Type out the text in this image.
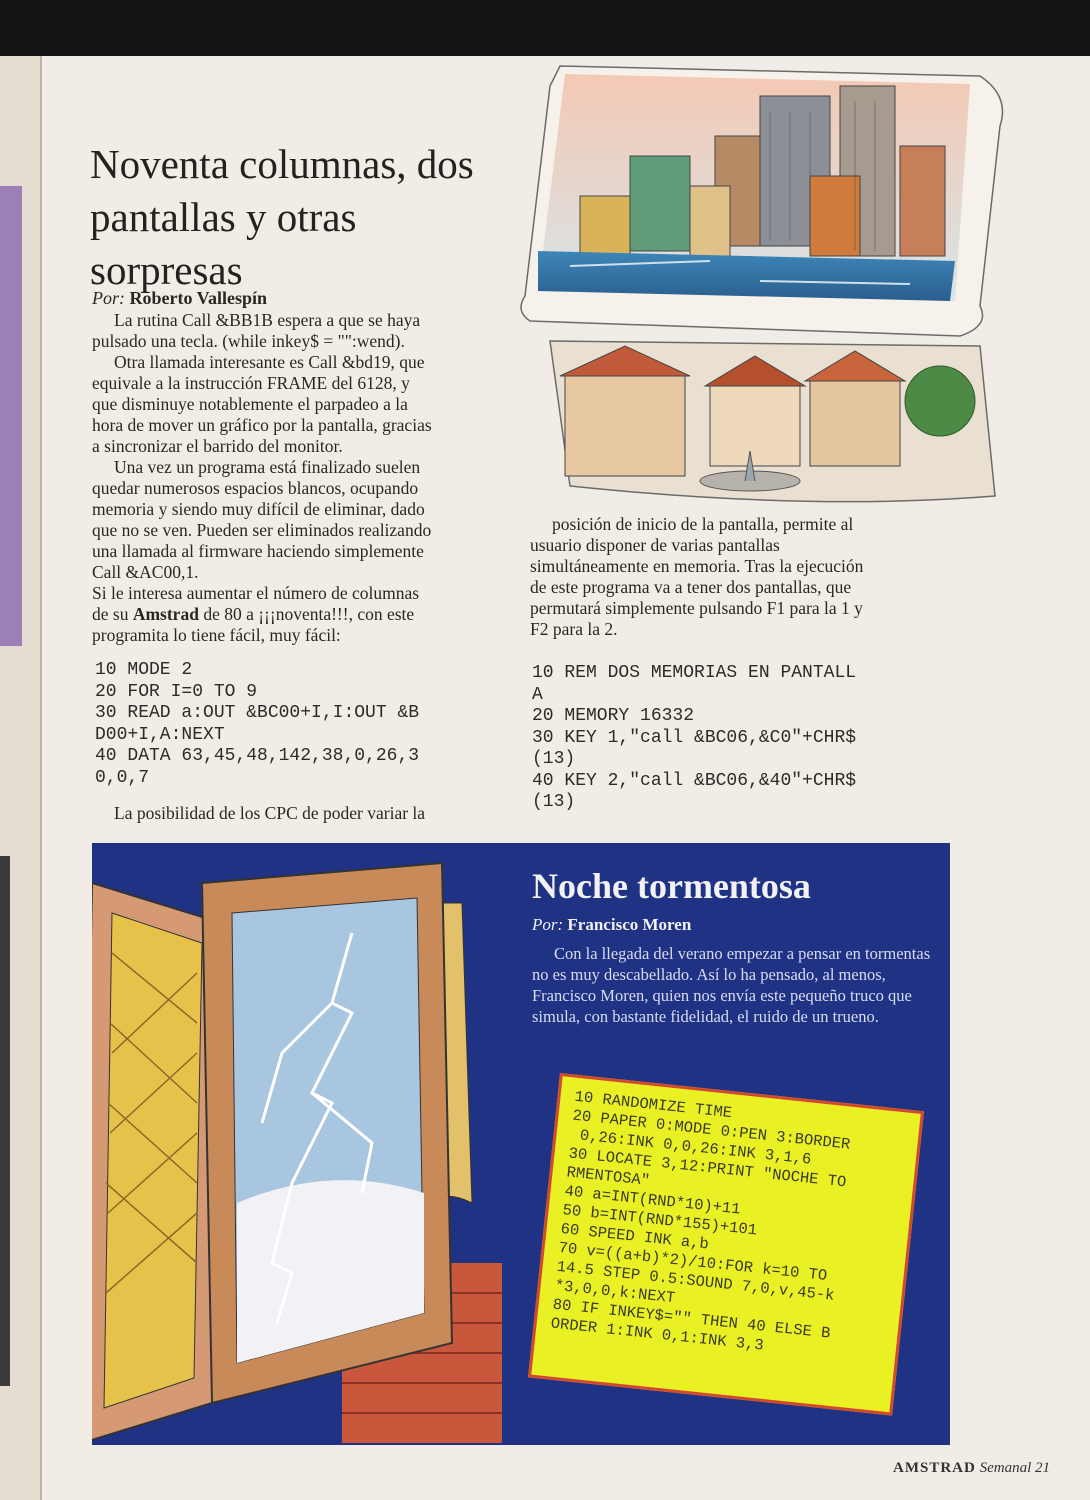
Noventa columnas, dos
pantallas y otras
sorpresas
Por: Roberto Vallespín

La rutina Call &BB1B espera a que se haya

pulsado una tecla. (while inkey$ = "":wend).

Otra llamada interesante es Call &bd19, que

equivale a la instrucción FRAME del 6128, y

que disminuye notablemente el parpadeo a la

hora de mover un gráfico por la pantalla, gracias

a sincronizar el barrido del monitor.

Una vez un programa está finalizado suelen

quedar numerosos espacios blancos, ocupando

memoria y siendo muy difícil de eliminar, dado

que no se ven. Pueden ser eliminados realizando

una llamada al firmware haciendo simplemente

Call &AC00,1.

Si le interesa aumentar el número de columnas

de su Amstrad de 80 a ¡¡¡noventa!!!, con este

programita lo tiene fácil, muy fácil:

10 MODE 2
20 FOR I=0 TO 9
30 READ a:OUT &BC00+I,I:OUT &B
D00+I,A:NEXT
40 DATA 63,45,48,142,38,0,26,3
0,0,7

La posibilidad de los CPC de poder variar la

posición de inicio de la pantalla, permite al

usuario disponer de varias pantallas

simultáneamente en memoria. Tras la ejecución

de este programa va a tener dos pantallas, que

permutará simplemente pulsando F1 para la 1 y

F2 para la 2.

10 REM DOS MEMORIAS EN PANTALL
A
20 MEMORY 16332
30 KEY 1,"call &BC06,&C0"+CHR$
(13)
40 KEY 2,"call &BC06,&40"+CHR$
(13)
Noche tormentosa
Por: Francisco Moren

Con la llegada del verano empezar a pensar en tormentas no es muy descabellado. Así lo ha pensado, al menos, Francisco Moren, quien nos envía este pequeño truco que simula, con bastante fidelidad, el ruido de un trueno.

10 RANDOMIZE TIME
20 PAPER 0:MODE 0:PEN 3:BORDER
0,26:INK 0,0,26:INK 3,1,6
30 LOCATE 3,12:PRINT "NOCHE TO
RMENTOSA"
40 a=INT(RND*10)+11
50 b=INT(RND*155)+101
60 SPEED INK a,b
70 v=((a+b)*2)/10:FOR k=10 TO
14.5 STEP 0.5:SOUND 7,0,v,45-k
*3,0,0,k:NEXT
80 IF INKEY$="" THEN 40 ELSE B
ORDER 1:INK 0,1:INK 3,3
AMSTRAD Semanal 21
